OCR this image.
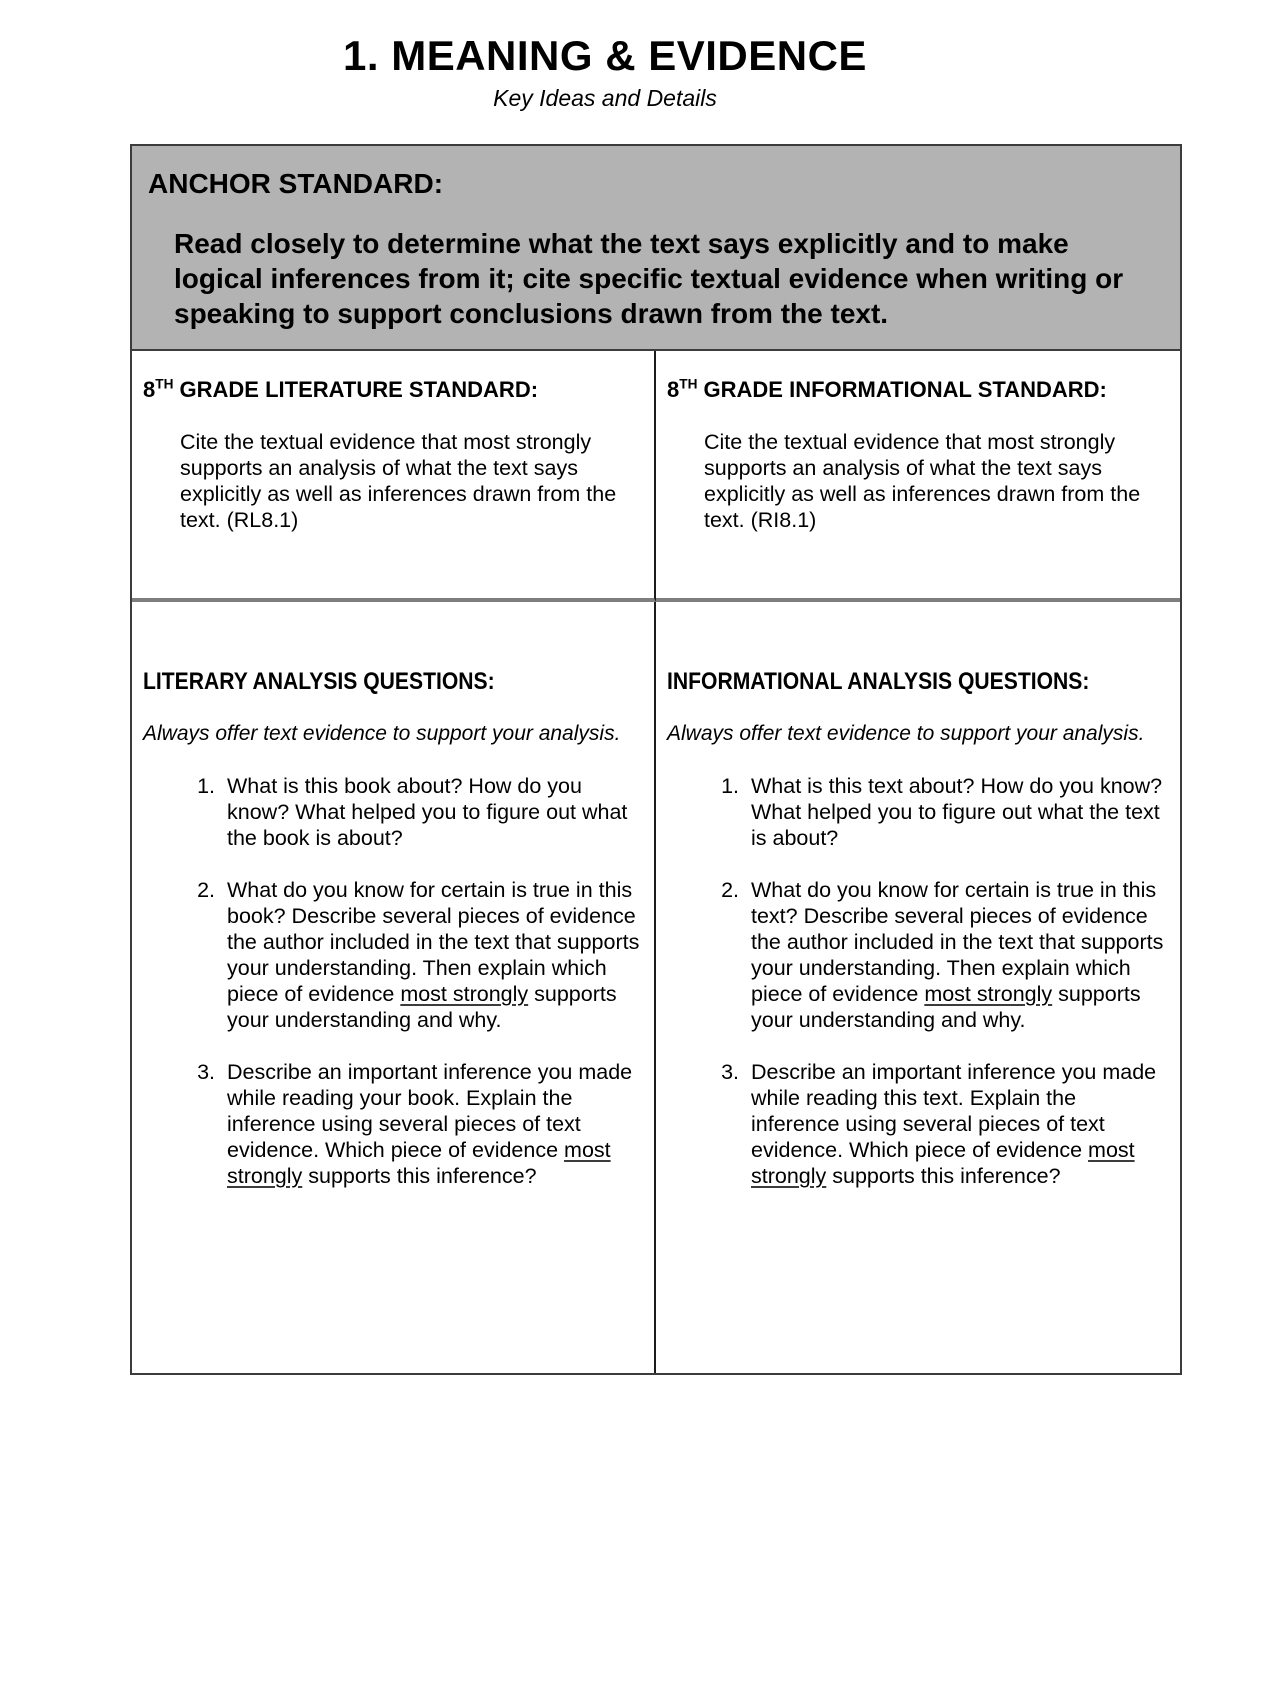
1. MEANING & EVIDENCE
Key Ideas and Details
ANCHOR STANDARD:
Read closely to determine what the text says explicitly and to make logical inferences from it; cite specific textual evidence when writing or speaking to support conclusions drawn from the text.
8TH GRADE LITERATURE STANDARD:
Cite the textual evidence that most strongly supports an analysis of what the text says explicitly as well as inferences drawn from the text. (RL8.1)
8TH GRADE INFORMATIONAL STANDARD:
Cite the textual evidence that most strongly supports an analysis of what the text says explicitly as well as inferences drawn from the text. (RI8.1)
LITERARY ANALYSIS QUESTIONS:
Always offer text evidence to support your analysis.
1. What is this book about? How do you know? What helped you to figure out what the book is about?
2. What do you know for certain is true in this book? Describe several pieces of evidence the author included in the text that supports your understanding. Then explain which piece of evidence most strongly supports your understanding and why.
3. Describe an important inference you made while reading your book. Explain the inference using several pieces of text evidence. Which piece of evidence most strongly supports this inference?
INFORMATIONAL ANALYSIS QUESTIONS:
Always offer text evidence to support your analysis.
1. What is this text about? How do you know? What helped you to figure out what the text is about?
2. What do you know for certain is true in this text? Describe several pieces of evidence the author included in the text that supports your understanding. Then explain which piece of evidence most strongly supports your understanding and why.
3. Describe an important inference you made while reading this text. Explain the inference using several pieces of text evidence. Which piece of evidence most strongly supports this inference?
